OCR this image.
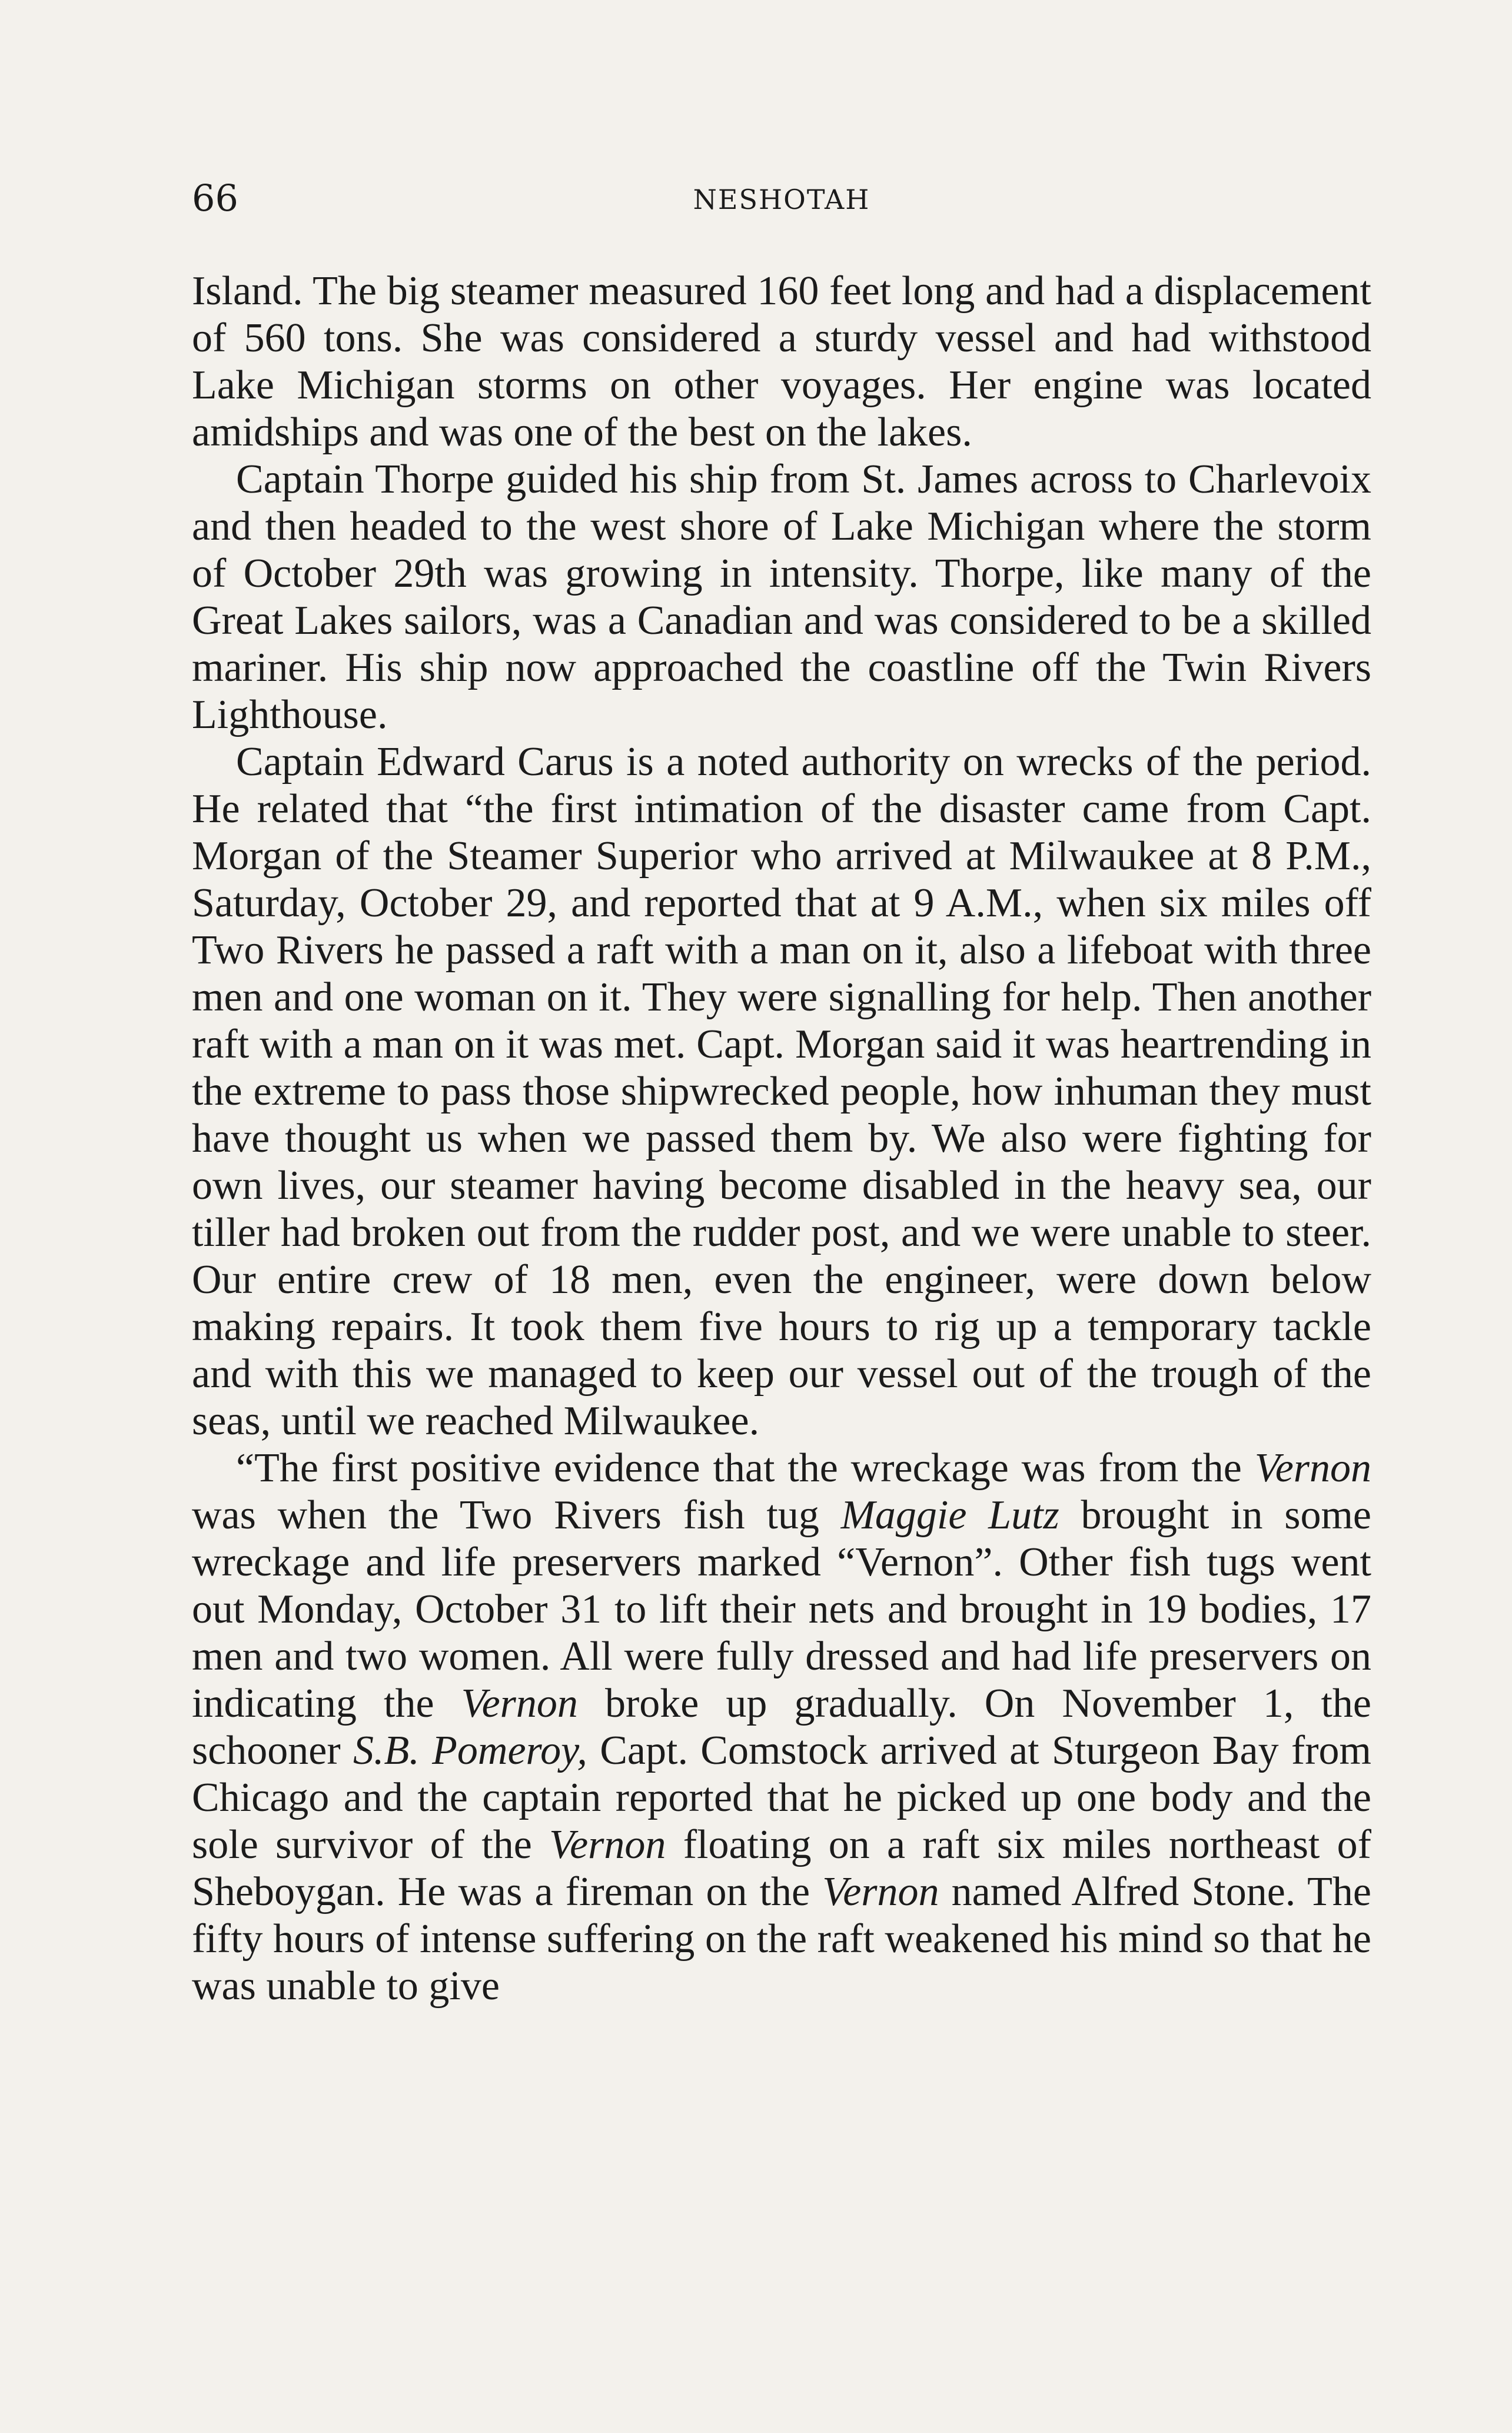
66	NESHOTAH

Island. The big steamer measured 160 feet long and had a displacement of 560 tons. She was considered a sturdy vessel and had withstood Lake Michigan storms on other voyages. Her engine was located amidships and was one of the best on the lakes.

Captain Thorpe guided his ship from St. James across to Charlevoix and then headed to the west shore of Lake Michigan where the storm of October 29th was growing in intensity. Thorpe, like many of the Great Lakes sailors, was a Canadian and was considered to be a skilled mariner. His ship now approached the coastline off the Twin Rivers Lighthouse.

Captain Edward Carus is a noted authority on wrecks of the period. He related that “the first intimation of the disaster came from Capt. Morgan of the Steamer Superior who arrived at Milwaukee at 8 P.M., Saturday, October 29, and reported that at 9 A.M., when six miles off Two Rivers he passed a raft with a man on it, also a lifeboat with three men and one woman on it. They were signalling for help. Then another raft with a man on it was met. Capt. Morgan said it was heartrending in the extreme to pass those shipwrecked people, how inhuman they must have thought us when we passed them by. We also were fighting for own lives, our steamer having become disabled in the heavy sea, our tiller had broken out from the rudder post, and we were unable to steer. Our entire crew of 18 men, even the engineer, were down below making repairs. It took them five hours to rig up a temporary tackle and with this we managed to keep our vessel out of the trough of the seas, until we reached Milwaukee.

“The first positive evidence that the wreckage was from the Vernon was when the Two Rivers fish tug Maggie Lutz brought in some wreckage and life preservers marked “Vernon”. Other fish tugs went out Monday, October 31 to lift their nets and brought in 19 bodies, 17 men and two women. All were fully dressed and had life preservers on indicating the Vernon broke up gradually. On November 1, the schooner S.B. Pomeroy, Capt. Comstock arrived at Sturgeon Bay from Chicago and the captain reported that he picked up one body and the sole survivor of the Vernon floating on a raft six miles northeast of Sheboygan. He was a fireman on the Vernon named Alfred Stone. The fifty hours of intense suffering on the raft weakened his mind so that he was unable to give
